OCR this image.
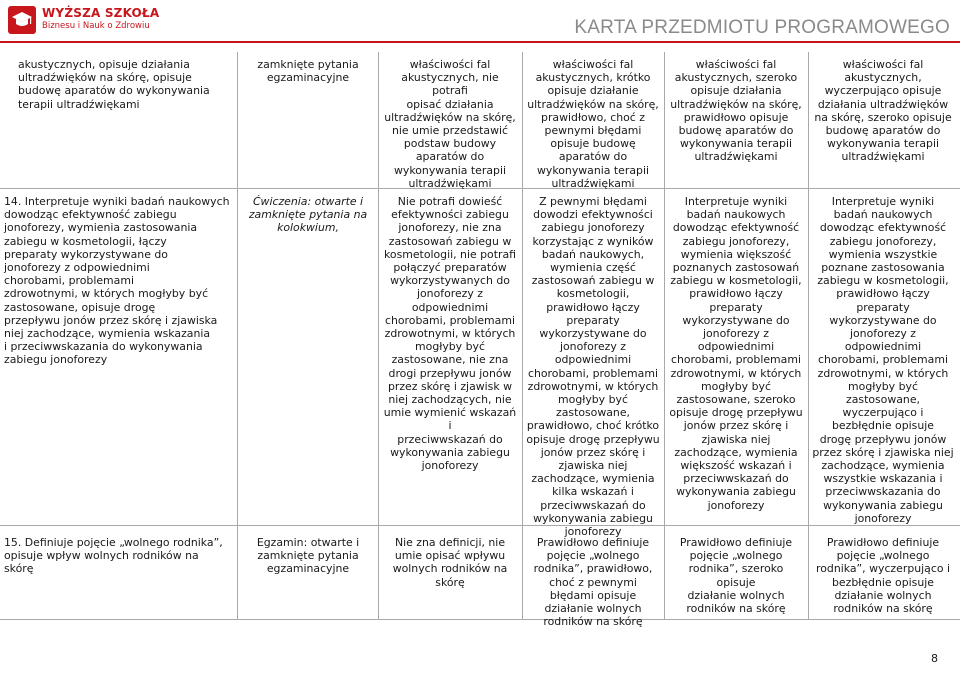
WYŻSZA SZKOŁA
Biznesu i Nauk o Zdrowiu	KARTA PRZEDMIOTU PROGRAMOWEGO
akustycznych, opisuje działania
ultradźwięków na skórę, opisuje
budowę aparatów do wykonywania
terapii ultradźwiękami
zamknięte pytania
egzaminacyjne
właściwości fal
akustycznych, nie potrafi
opisać działania
ultradźwięków na skórę,
nie umie przedstawić
podstaw budowy
aparatów do
wykonywania terapii
ultradźwiękami
właściwości fal
akustycznych, krótko
opisuje działanie
ultradźwięków na skórę,
prawidłowo, choć z
pewnymi błędami
opisuje budowę
aparatów do
wykonywania terapii
ultradźwiękami
właściwości fal
akustycznych, szeroko
opisuje działania
ultradźwięków na skórę,
prawidłowo opisuje
budowę aparatów do
wykonywania terapii
ultradźwiękami
właściwości fal
akustycznych,
wyczerpująco opisuje
działania ultradźwięków
na skórę, szeroko opisuje
budowę aparatów do
wykonywania terapii
ultradźwiękami
14. Interpretuje wyniki badań naukowych
dowodząc efektywność zabiegu
jonoforezy, wymienia zastosowania
zabiegu w kosmetologii, łączy
preparaty wykorzystywane do
jonoforezy z odpowiednimi
chorobami, problemami
zdrowotnymi, w których mogłyby być
zastosowane, opisuje drogę
przepływu jonów przez skórę i zjawiska
niej zachodzące, wymienia wskazania
i przeciwwskazania do wykonywania
zabiegu jonoforezy
Ćwiczenia: otwarte i
zamknięte pytania na
kolokwium,
Nie potrafi dowieść
efektywności zabiegu
jonoforezy, nie zna
zastosowań zabiegu w
kosmetologii, nie potrafi
połączyć preparatów
wykorzystywanych do
jonoforezy z
odpowiednimi
chorobami, problemami
zdrowotnymi, w których
mogłyby być
zastosowane, nie zna
drogi przepływu jonów
przez skórę i zjawisk w
niej zachodzących, nie
umie wymienić wskazań i
przeciwwskazań do
wykonywania zabiegu
jonoforezy
Z pewnymi błędami
dowodzi efektywności
zabiegu jonoforezy
korzystając z wyników
badań naukowych,
wymienia część
zastosowań zabiegu w
kosmetologii,
prawidłowo łączy
preparaty
wykorzystywane do
jonoforezy z
odpowiednimi
chorobami, problemami
zdrowotnymi, w których
mogłyby być
zastosowane,
prawidłowo, choć krótko
opisuje drogę przepływu
jonów przez skórę i
zjawiska niej
zachodzące, wymienia
kilka wskazań i
przeciwwskazań do
wykonywania zabiegu
jonoforezy
Interpretuje wyniki
badań naukowych
dowodząc efektywność
zabiegu jonoforezy,
wymienia większość
poznanych zastosowań
zabiegu w kosmetologii,
prawidłowo łączy
preparaty
wykorzystywane do
jonoforezy z
odpowiednimi
chorobami, problemami
zdrowotnymi, w których
mogłyby być
zastosowane, szeroko
opisuje drogę przepływu
jonów przez skórę i
zjawiska niej
zachodzące, wymienia
większość wskazań i
przeciwwskazań do
wykonywania zabiegu
jonoforezy
Interpretuje wyniki
badań naukowych
dowodząc efektywność
zabiegu jonoforezy,
wymienia wszystkie
poznane zastosowania
zabiegu w kosmetologii,
prawidłowo łączy
preparaty
wykorzystywane do
jonoforezy z
odpowiednimi
chorobami, problemami
zdrowotnymi, w których
mogłyby być
zastosowane,
wyczerpująco i
bezbłędnie opisuje
drogę przepływu jonów
przez skórę i zjawiska niej
zachodzące, wymienia
wszystkie wskazania i
przeciwwskazania do
wykonywania zabiegu
jonoforezy
15. Definiuje pojęcie „wolnego rodnika”,
opisuje wpływ wolnych rodników na
skórę
Egzamin: otwarte i
zamknięte pytania
egzaminacyjne
Nie zna definicji, nie
umie opisać wpływu
wolnych rodników na
skórę
Prawidłowo definiuje
pojęcie „wolnego
rodnika”, prawidłowo,
choć z pewnymi
błędami opisuje
działanie wolnych
rodników na skórę
Prawidłowo definiuje
pojęcie „wolnego
rodnika”, szeroko opisuje
działanie wolnych
rodników na skórę
Prawidłowo definiuje
pojęcie „wolnego
rodnika”, wyczerpująco i
bezbłędnie opisuje
działanie wolnych
rodników na skórę
8
